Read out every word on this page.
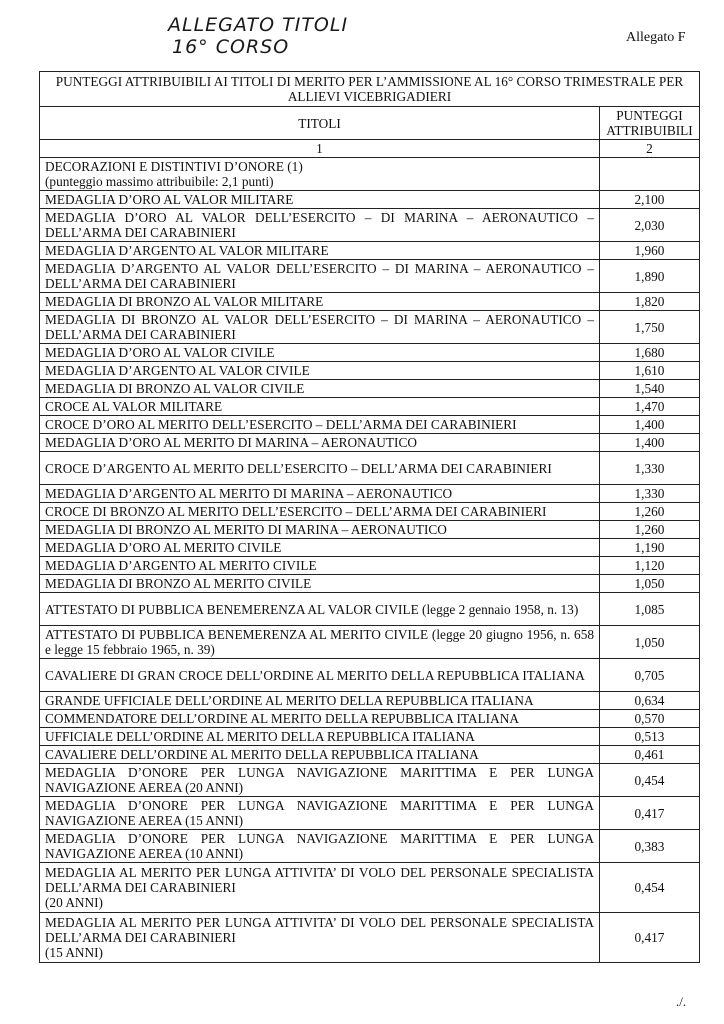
ALLEGATO TITOLI
16° CORSO	Allegato F
PUNTEGGI ATTRIBUIBILI AI TITOLI DI MERITO PER L’AMMISSIONE AL 16° CORSO TRIMESTRALE PER ALLIEVI VICEBRIGADIERI	
TITOLI	PUNTEGGI ATTRIBUIBILI
1	2

DECORAZIONI E DISTINTIVI D’ONORE (1)
(punteggio massimo attribuibile: 2,1 punti)	

MEDAGLIA D’ORO AL VALOR MILITARE	2,100
MEDAGLIA D’ORO AL VALOR DELL’ESERCITO – DI MARINA – AERONAUTICO – DELL’ARMA DEI CARABINIERI	2,030
MEDAGLIA D’ARGENTO AL VALOR MILITARE	1,960
MEDAGLIA D’ARGENTO AL VALOR DELL’ESERCITO – DI MARINA – AERONAUTICO – DELL’ARMA DEI CARABINIERI	1,890
MEDAGLIA DI BRONZO AL VALOR MILITARE	1,820
MEDAGLIA DI BRONZO AL VALOR DELL’ESERCITO – DI MARINA – AERONAUTICO – DELL’ARMA DEI CARABINIERI	1,750
MEDAGLIA D’ORO AL VALOR CIVILE	1,680
MEDAGLIA D’ARGENTO AL VALOR CIVILE	1,610
MEDAGLIA DI BRONZO AL VALOR CIVILE	1,540
CROCE AL VALOR MILITARE	1,470
CROCE D’ORO AL MERITO DELL’ESERCITO – DELL’ARMA DEI CARABINIERI	1,400
MEDAGLIA D’ORO AL MERITO DI MARINA – AERONAUTICO	1,400
CROCE D’ARGENTO AL MERITO DELL’ESERCITO – DELL’ARMA DEI CARABINIERI	1,330
MEDAGLIA D’ARGENTO AL MERITO DI MARINA – AERONAUTICO	1,330
CROCE DI BRONZO AL MERITO DELL’ESERCITO – DELL’ARMA DEI CARABINIERI	1,260
MEDAGLIA DI BRONZO AL MERITO DI MARINA – AERONAUTICO	1,260
MEDAGLIA D’ORO AL MERITO CIVILE	1,190
MEDAGLIA D’ARGENTO AL MERITO CIVILE	1,120
MEDAGLIA DI BRONZO AL MERITO CIVILE	1,050
ATTESTATO DI PUBBLICA BENEMERENZA AL VALOR CIVILE (legge 2 gennaio 1958, n. 13)	1,085
ATTESTATO DI PUBBLICA BENEMERENZA AL MERITO CIVILE (legge 20 giugno 1956, n. 658 e legge 15 febbraio 1965, n. 39)	1,050
CAVALIERE DI GRAN CROCE DELL’ORDINE AL MERITO DELLA REPUBBLICA ITALIANA	0,705
GRANDE UFFICIALE DELL’ORDINE AL MERITO DELLA REPUBBLICA ITALIANA	0,634
COMMENDATORE DELL’ORDINE AL MERITO DELLA REPUBBLICA ITALIANA	0,570
UFFICIALE DELL’ORDINE AL MERITO DELLA REPUBBLICA ITALIANA	0,513
CAVALIERE DELL’ORDINE AL MERITO DELLA REPUBBLICA ITALIANA	0,461
MEDAGLIA D’ONORE PER LUNGA NAVIGAZIONE MARITTIMA E PER LUNGA NAVIGAZIONE AEREA (20 ANNI)	0,454
MEDAGLIA D’ONORE PER LUNGA NAVIGAZIONE MARITTIMA E PER LUNGA NAVIGAZIONE AEREA (15 ANNI)	0,417
MEDAGLIA D’ONORE PER LUNGA NAVIGAZIONE MARITTIMA E PER LUNGA NAVIGAZIONE AEREA (10 ANNI)	0,383

MEDAGLIA AL MERITO PER LUNGA ATTIVITA’ DI VOLO DEL PERSONALE SPECIALISTA DELL’ARMA DEI CARABINIERI
(20 ANNI)	0,454

MEDAGLIA AL MERITO PER LUNGA ATTIVITA’ DI VOLO DEL PERSONALE SPECIALISTA DELL’ARMA DEI CARABINIERI
(15 ANNI)	0,417
./.
